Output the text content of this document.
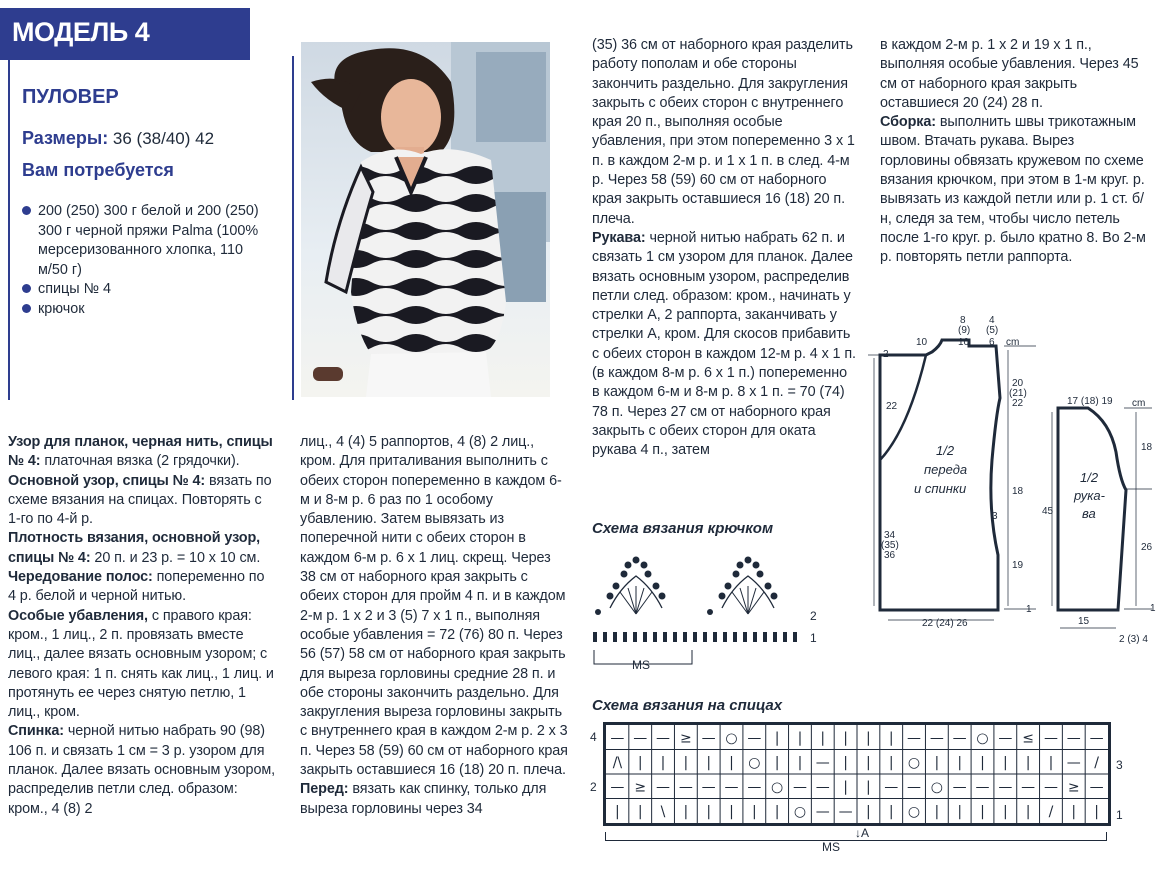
МОДЕЛЬ 4
ПУЛОВЕР
Размеры: 36 (38/40) 42
Вам потребуется
200 (250) 300 г белой и 200 (250) 300 г черной пряжи Palma (100% мерсеризованного хлопка, 110 м/50 г)
спицы № 4
крючок

Узор для планок, черная нить, спицы № 4: платочная вязка (2 грядочки).

Основной узор, спицы № 4: вязать по схеме вязания на спицах. Повторять с 1-го по 4-й р.

Плотность вязания, основной узор, спицы № 4: 20 п. и 23 р. = 10 х 10 см.

Чередование полос: попеременно по 4 р. белой и черной нитью.

Особые убавления, с правого края: кром., 1 лиц., 2 п. провязать вместе лиц., далее вязать основным узором; с левого края: 1 п. снять как лиц., 1 лиц. и протянуть ее через снятую петлю, 1 лиц., кром.

Спинка: черной нитью набрать 90 (98) 106 п. и связать 1 см = 3 р. узором для планок. Далее вязать основным узором, распределив петли след. образом: кром., 4 (8) 2

лиц., 4 (4) 5 раппортов, 4 (8) 2 лиц., кром. Для приталивания выполнить с обеих сторон попеременно в каждом 6-м и 8-м р. 6 раз по 1 особому убавлению. Затем вывязать из поперечной нити с обеих сторон в каждом 6-м р. 6 х 1 лиц. скрещ. Через 38 см от наборного края закрыть с обеих сторон для пройм 4 п. и в каждом 2-м р. 1 х 2 и 3 (5) 7 х 1 п., выполняя особые убавления = 72 (76) 80 п. Через 56 (57) 58 см от наборного края закрыть для выреза горловины средние 28 п. и обе стороны закончить раздельно. Для закругления выреза горловины закрыть с внутреннего края в каждом 2-м р. 2 х 3 п. Через 58 (59) 60 см от наборного края закрыть оставшиеся 16 (18) 20 п. плеча.

Перед: вязать как спинку, только для выреза горловины через 34

(35) 36 см от наборного края разделить работу пополам и обе стороны закончить раздельно. Для закругления закрыть с обеих сторон с внутреннего края 20 п., выполняя особые убавления, при этом попеременно 3 х 1 п. в каждом 2-м р. и 1 х 1 п. в след. 4-м р. Через 58 (59) 60 см от наборного края закрыть оставшиеся 16 (18) 20 п. плеча.

Рукава: черной нитью набрать 62 п. и связать 1 см узором для планок. Далее вязать основным узором, распределив петли след. образом: кром., начинать у стрелки А, 2 раппорта, заканчивать у стрелки А, кром. Для скосов прибавить с обеих сторон в каждом 12-м р. 4 х 1 п. (в каждом 8-м р. 6 х 1 п.) попеременно в каждом 6-м и 8-м р. 8 х 1 п. = 70 (74) 78 п. Через 27 см от наборного края закрыть с обеих сторон для оката рукава 4 п., затем

в каждом 2-м р. 1 х 2 и 19 х 1 п., выполняя особые убавления. Через 45 см от наборного края закрыть оставшиеся 20 (24) 28 п.

Сборка: выполнить швы трикотажным швом. Втачать рукава. Вырез горловины обвязать кружевом по схеме вязания крючком, при этом в 1-м круг. р. вывязать из каждой петли или р. 1 ст. б/н, следя за тем, чтобы число петель после 1-го круг. р. было кратно 8. Во 2-м р. повторять петли раппорта.

Схема вязания крючком
2
1
MS
Схема вязания на спицах
— — — ≥ — ○ — | | | | | | — — — ○ — ≤ — — —
/\ | | | | | ○ | | — | | | ○ | | | | | | — /
— ≥ — — — — — ○ — — | | — — ○ — — — — — ≥ —
| | \ | | | | | ○ — — | | ○ | | | | | / | |
4
2
3
1
MS
↓A
10
8
(9)
10
4
(5)
6 cm
2
22
34
(35)
36
20
(21)
22
18
3
19
1
22 (24) 26
1/2
переда
и спинки
17 (18) 19 cm
45
18
26
1
15
2 (3) 4
1/2
рука-
ва
